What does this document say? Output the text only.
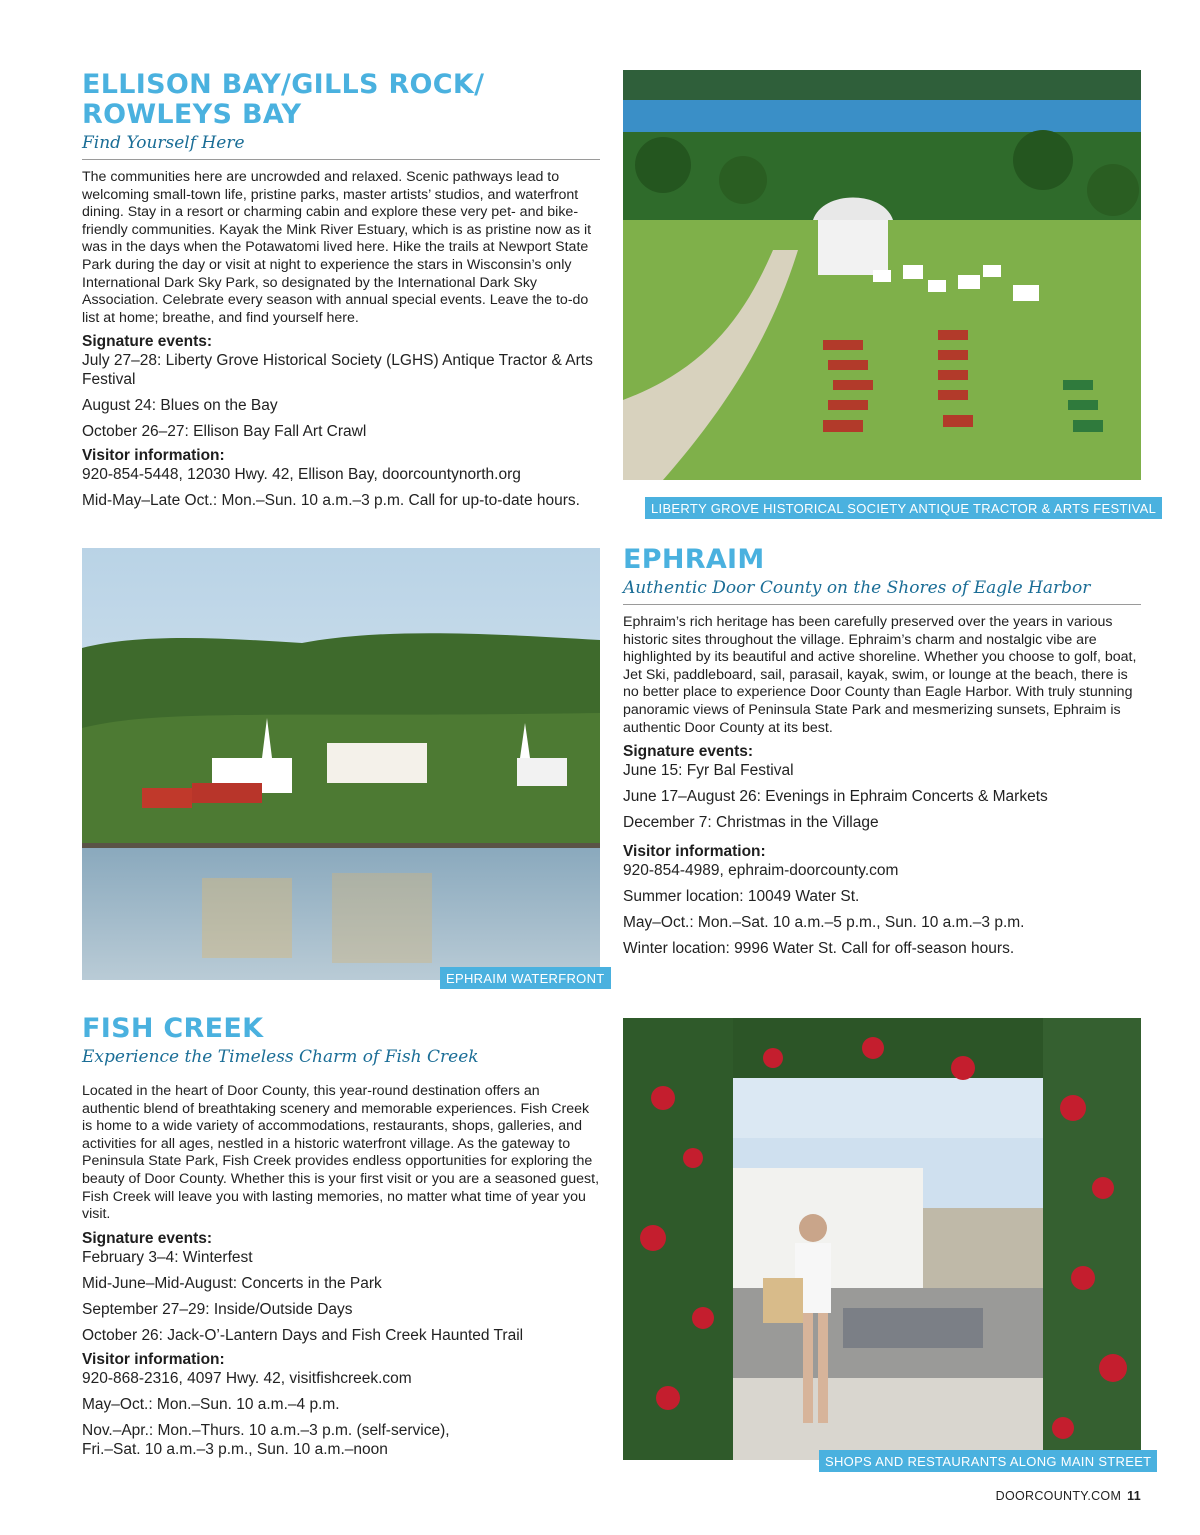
ELLISON BAY/GILLS ROCK/
ROWLEYS BAY
Find Yourself Here
The communities here are uncrowded and relaxed. Scenic pathways lead to welcoming small-town life, pristine parks, master artists’ studios, and waterfront dining. Stay in a resort or charming cabin and explore these very pet- and bike-friendly communities. Kayak the Mink River Estuary, which is as pristine now as it was in the days when the Potawatomi lived here. Hike the trails at Newport State Park during the day or visit at night to experience the stars in Wisconsin’s only International Dark Sky Park, so designated by the International Dark Sky Association. Celebrate every season with annual special events. Leave the to-do list at home; breathe, and find yourself here.
Signature events:
July 27–28: Liberty Grove Historical Society (LGHS) Antique Tractor & Arts Festival
August 24: Blues on the Bay
October 26–27: Ellison Bay Fall Art Crawl
Visitor information:
920-854-5448, 12030 Hwy. 42, Ellison Bay, doorcountynorth.org
Mid-May–Late Oct.: Mon.–Sun. 10 a.m.–3 p.m. Call for up-to-date hours.	LIBERTY GROVE HISTORICAL SOCIETY ANTIQUE TRACTOR & ARTS FESTIVAL
EPHRAIM WATERFRONT
EPHRAIM
Authentic Door County on the Shores of Eagle Harbor
Ephraim’s rich heritage has been carefully preserved over the years in various historic sites throughout the village. Ephraim’s charm and nostalgic vibe are highlighted by its beautiful and active shoreline. Whether you choose to golf, boat, Jet Ski, paddleboard, sail, parasail, kayak, swim, or lounge at the beach, there is no better place to experience Door County than Eagle Harbor. With truly stunning panoramic views of Peninsula State Park and mesmerizing sunsets, Ephraim is authentic Door County at its best.
Signature events:
June 15: Fyr Bal Festival
June 17–August 26: Evenings in Ephraim Concerts & Markets
December 7: Christmas in the Village
Visitor information:
920-854-4989, ephraim-doorcounty.com
Summer location: 10049 Water St.
May–Oct.: Mon.–Sat. 10 a.m.–5 p.m., Sun. 10 a.m.–3 p.m.
Winter location: 9996 Water St. Call for off-season hours.
FISH CREEK
Experience the Timeless Charm of Fish Creek
Located in the heart of Door County, this year-round destination offers an authentic blend of breathtaking scenery and memorable experiences. Fish Creek is home to a wide variety of accommodations, restaurants, shops, galleries, and activities for all ages, nestled in a historic waterfront village. As the gateway to Peninsula State Park, Fish Creek provides endless opportunities for exploring the beauty of Door County. Whether this is your first visit or you are a seasoned guest, Fish Creek will leave you with lasting memories, no matter what time of year you visit.
Signature events:
February 3–4: Winterfest
Mid-June–Mid-August: Concerts in the Park
September 27–29: Inside/Outside Days
October 26: Jack-O’-Lantern Days and Fish Creek Haunted Trail
Visitor information:
920-868-2316, 4097 Hwy. 42, visitfishcreek.com
May–Oct.: Mon.–Sun. 10 a.m.–4 p.m.
Nov.–Apr.: Mon.–Thurs. 10 a.m.–3 p.m. (self-service),
Fri.–Sat. 10 a.m.–3 p.m., Sun. 10 a.m.–noon
SHOPS AND RESTAURANTS ALONG MAIN STREET
DOORCOUNTY.COM 11
